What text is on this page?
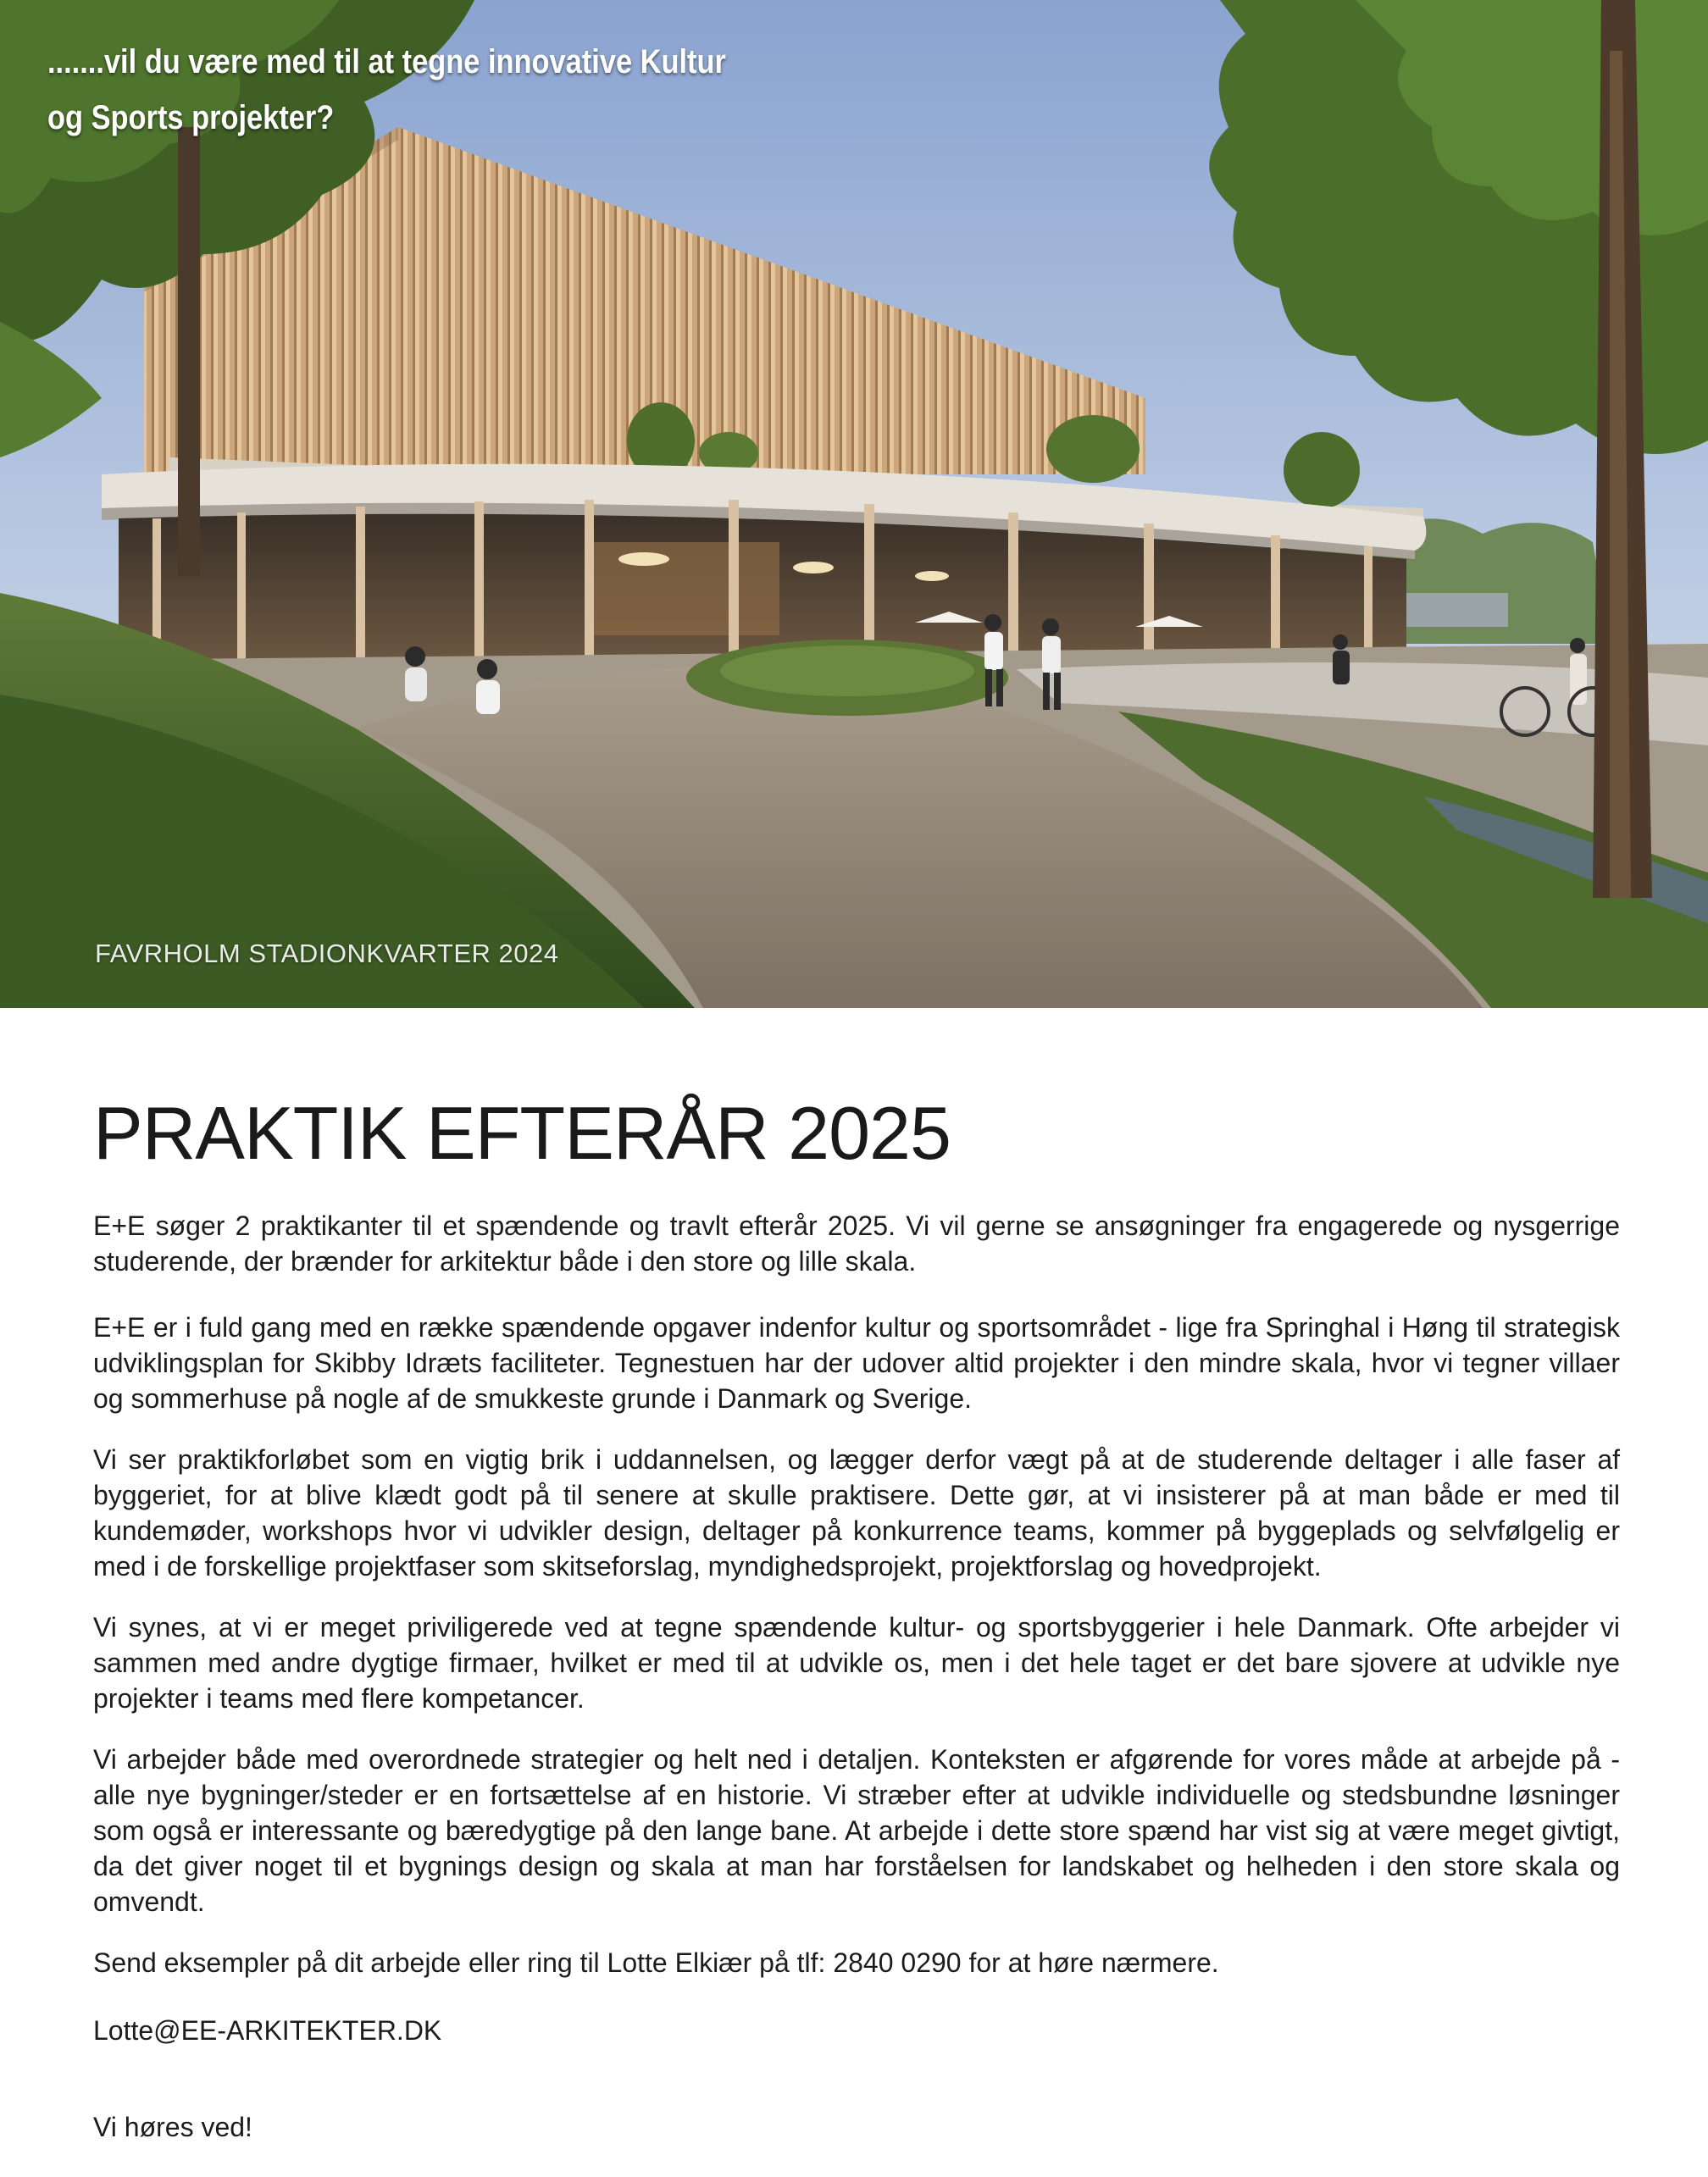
.......vil du være med til at tegne innovative Kultur
og Sports projekter?
FAVRHOLM STADIONKVARTER 2024
PRAKTIK EFTERÅR 2025

E+E søger 2 praktikanter til et spændende og travlt efterår 2025. Vi vil gerne se ansøgninger fra engagerede og nysgerrige studerende, der brænder for arkitektur både i den store og lille skala.

E+E er i fuld gang med en række spændende opgaver indenfor kultur og sportsområdet - lige fra Springhal i Høng til strategisk udviklingsplan for Skibby Idræts faciliteter. Tegnestuen har der udover altid projekter i den mindre skala, hvor vi tegner villaer og sommerhuse på nogle af de smukkeste grunde i Danmark og Sverige.

Vi ser praktikforløbet som en vigtig brik i uddannelsen, og lægger derfor vægt på at de studerende deltager i alle faser af byggeriet, for at blive klædt godt på til senere at skulle praktisere. Dette gør, at vi insisterer på at man både er med til kundemøder, workshops hvor vi udvikler design, deltager på konkurrence teams, kommer på byggeplads og selvfølgelig er med i de forskellige projektfaser som skitseforslag, myndighedsprojekt, projektforslag og hovedprojekt.

Vi synes, at vi er meget priviligerede ved at tegne spændende kultur- og sportsbyggerier i hele Danmark. Ofte arbejder vi sammen med andre dygtige firmaer, hvilket er med til at udvikle os, men i det hele taget er det bare sjovere at udvikle nye projekter i teams med flere kompetancer.

Vi arbejder både med overordnede strategier og helt ned i detaljen. Konteksten er afgørende for vores måde at arbejde på - alle nye bygninger/steder er en fortsættelse af en historie. Vi stræber efter at udvikle individuelle og stedsbundne løsninger som også er interessante og bæredygtige på den lange bane. At arbejde i dette store spænd har vist sig at være meget givtigt, da det giver noget til et bygnings design og skala at man har forståelsen for landskabet og helheden i den store skala og omvendt.

Send eksempler på dit arbejde eller ring til Lotte Elkiær på tlf: 2840 0290 for at høre nærmere.

Lotte@EE-ARKITEKTER.DK

Vi høres ved!
